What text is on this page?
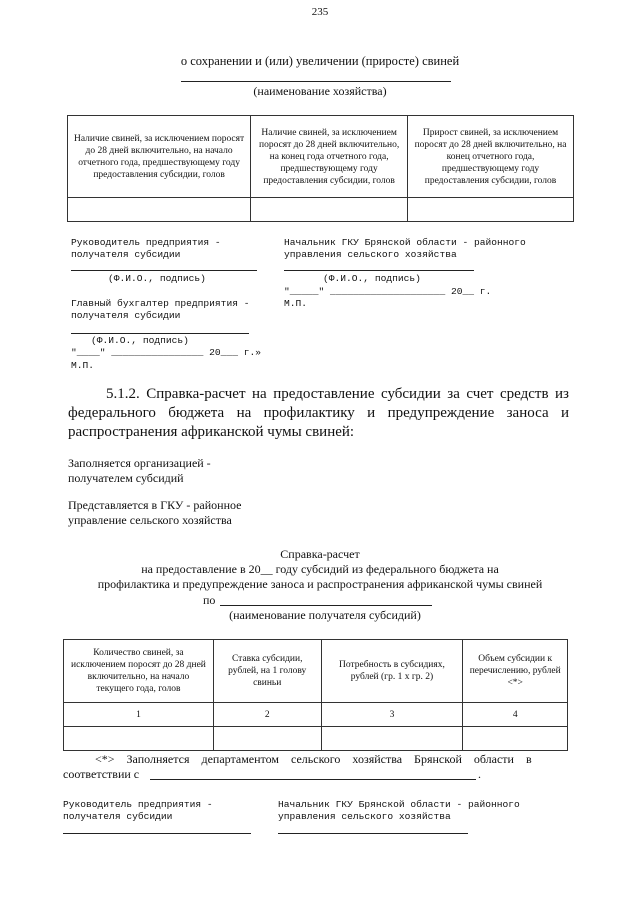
235
о сохранении и (или) увеличении (приросте) свиней
(наименование хозяйства)
Наличие свиней, за исключением поросят до 28 дней включительно, на начало отчетного года, предшествующему году предоставления субсидии, голов	Наличие свиней, за исключением поросят до 28 дней включительно, на конец года отчетного года, предшествующему году предоставления субсидии, голов	Прирост свиней, за исключением поросят до 28 дней включительно, на конец отчетного года, предшествующему году предоставления субсидии, голов

Руководитель предприятия -
получателя субсидии
(Ф.И.О., подпись)
Главный бухгалтер предприятия -
получателя субсидии
(Ф.И.О., подпись)
"____" ________________ 20___ г.»
М.П.
Начальник ГКУ Брянской области - районного
управления сельского хозяйства
(Ф.И.О., подпись)
"_____" ____________________ 20__ г.
М.П.
5.1.2. Справка-расчет на предоставление субсидии за счет средств из федерального бюджета на профилактику и предупреждение заноса и распространения африканской чумы свиней:
Заполняется организацией -
получателем субсидий
Представляется в ГКУ - районное
управление сельского хозяйства
Справка-расчет
на предоставление в 20__ году субсидий из федерального бюджета на
профилактика и предупреждение заноса и распространения африканской чумы свиней
по
(наименование получателя субсидий)
Количество свиней, за исключением поросят до 28 дней включительно, на начало текущего года, голов	Ставка субсидии, рублей, на 1 голову свиньи	Потребность в субсидиях, рублей (гр. 1 x гр. 2)	Объем субсидии к перечислению, рублей <*>
1	2	3	4

<*>    Заполняется    департаментом    сельского    хозяйства    Брянской    области    в
соответствии с	.
Руководитель предприятия -
получателя субсидии
Начальник ГКУ Брянской области - районного
управления сельского хозяйства
